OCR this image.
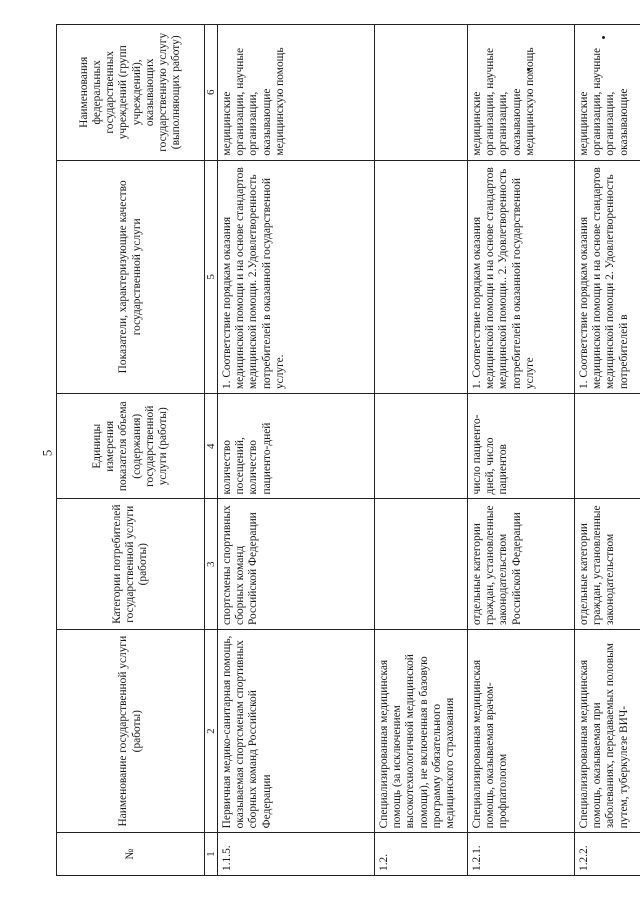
5
№	Наименование государственной услуги (работы)	Категории потребителей государственной услуги (работы)	Единицы измерения показателя объема (содержания) государственной услуги (работы)	Показатели, характеризующие качество государственной услуги	Наименования федеральных государственных учреждений (групп учреждений), оказывающих государственную услугу (выполняющих работу)
1	2	3	4	5	6
1.1.5.	Первичная медико-санитарная помощь, оказываемая спортсменам спортивных сборных команд Российской Федерации	спортсмены спортивных сборных команд Российской Федерации	количество посещений, количество пациенто-дней	1. Соответствие порядкам оказания медицинской помощи и на основе стандартов медицинской помощи. 2.Удовлетворенность потребителей в оказанной государственной услуге.	медицинские организации, научные организации, оказывающие медицинскую помощь
1.2.	Специализированная медицинская помощь (за исключением высокотехнологичной медицинской помощи), не включенная в базовую программу обязательного медицинского страхования				
1.2.1.	Специализированная медицинская помощь, оказываемая врачом-профпатологом	отдельные категории граждан, установленные законодательством Российской Федерации	число пациенто-дней, число пациентов	1. Соответствие порядкам оказания медицинской помощи и на основе стандартов медицинской помощи.. 2. Удовлетворенность потребителей в оказанной государственной услуге	медицинские организации, научные организации, оказывающие медицинскую помощь
1.2.2.	Специализированная медицинская помощь, оказываемая при заболеваниях, передаваемых половым путем, туберкулезе ВИЧ-	отдельные категории граждан, установленные законодательством		1. Соответствие порядкам оказания медицинской помощи и на основе стандартов медицинской помощи 2. Удовлетворенность потребителей в	медицинские организации, научные организации, оказывающие
